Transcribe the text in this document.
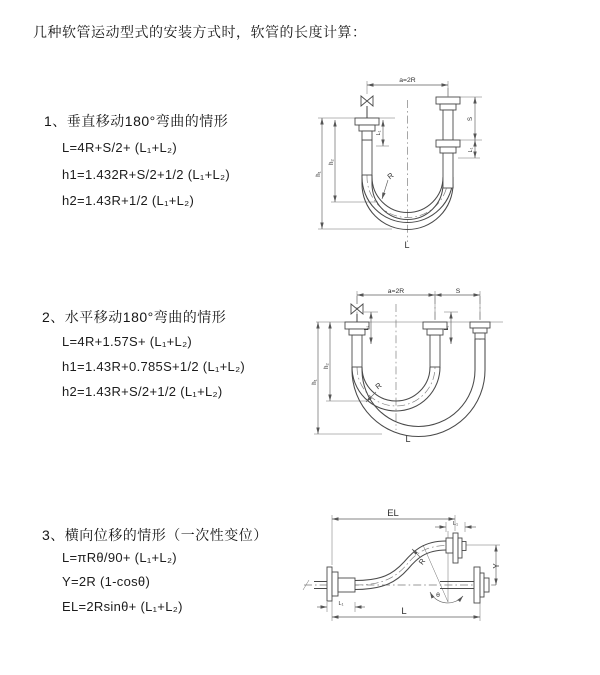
几种软管运动型式的安装方式时，软管的长度计算：
1、垂直移动180°弯曲的情形
L=4R+S/2+ (L₁+L₂)
h1=1.432R+S/2+1/2 (L₁+L₂)
h2=1.43R+1/2 (L₁+L₂)
2、水平移动180°弯曲的情形
L=4R+1.57S+ (L₁+L₂)
h1=1.43R+0.785S+1/2 (L₁+L₂)
h2=1.43R+S/2+1/2 (L₁+L₂)
3、横向位移的情形（一次性变位）
L=πRθ/90+ (L₁+L₂)
Y=2R (1-cosθ)
EL=2Rsinθ+ (L₁+L₂)
a=2R
h₁
h₂
L₁
S
L₁
R
L
a=2R	S
h₁
h₂
L₁	L₁
R
L
EL
L₁
Y
R
θ
L
L₁
